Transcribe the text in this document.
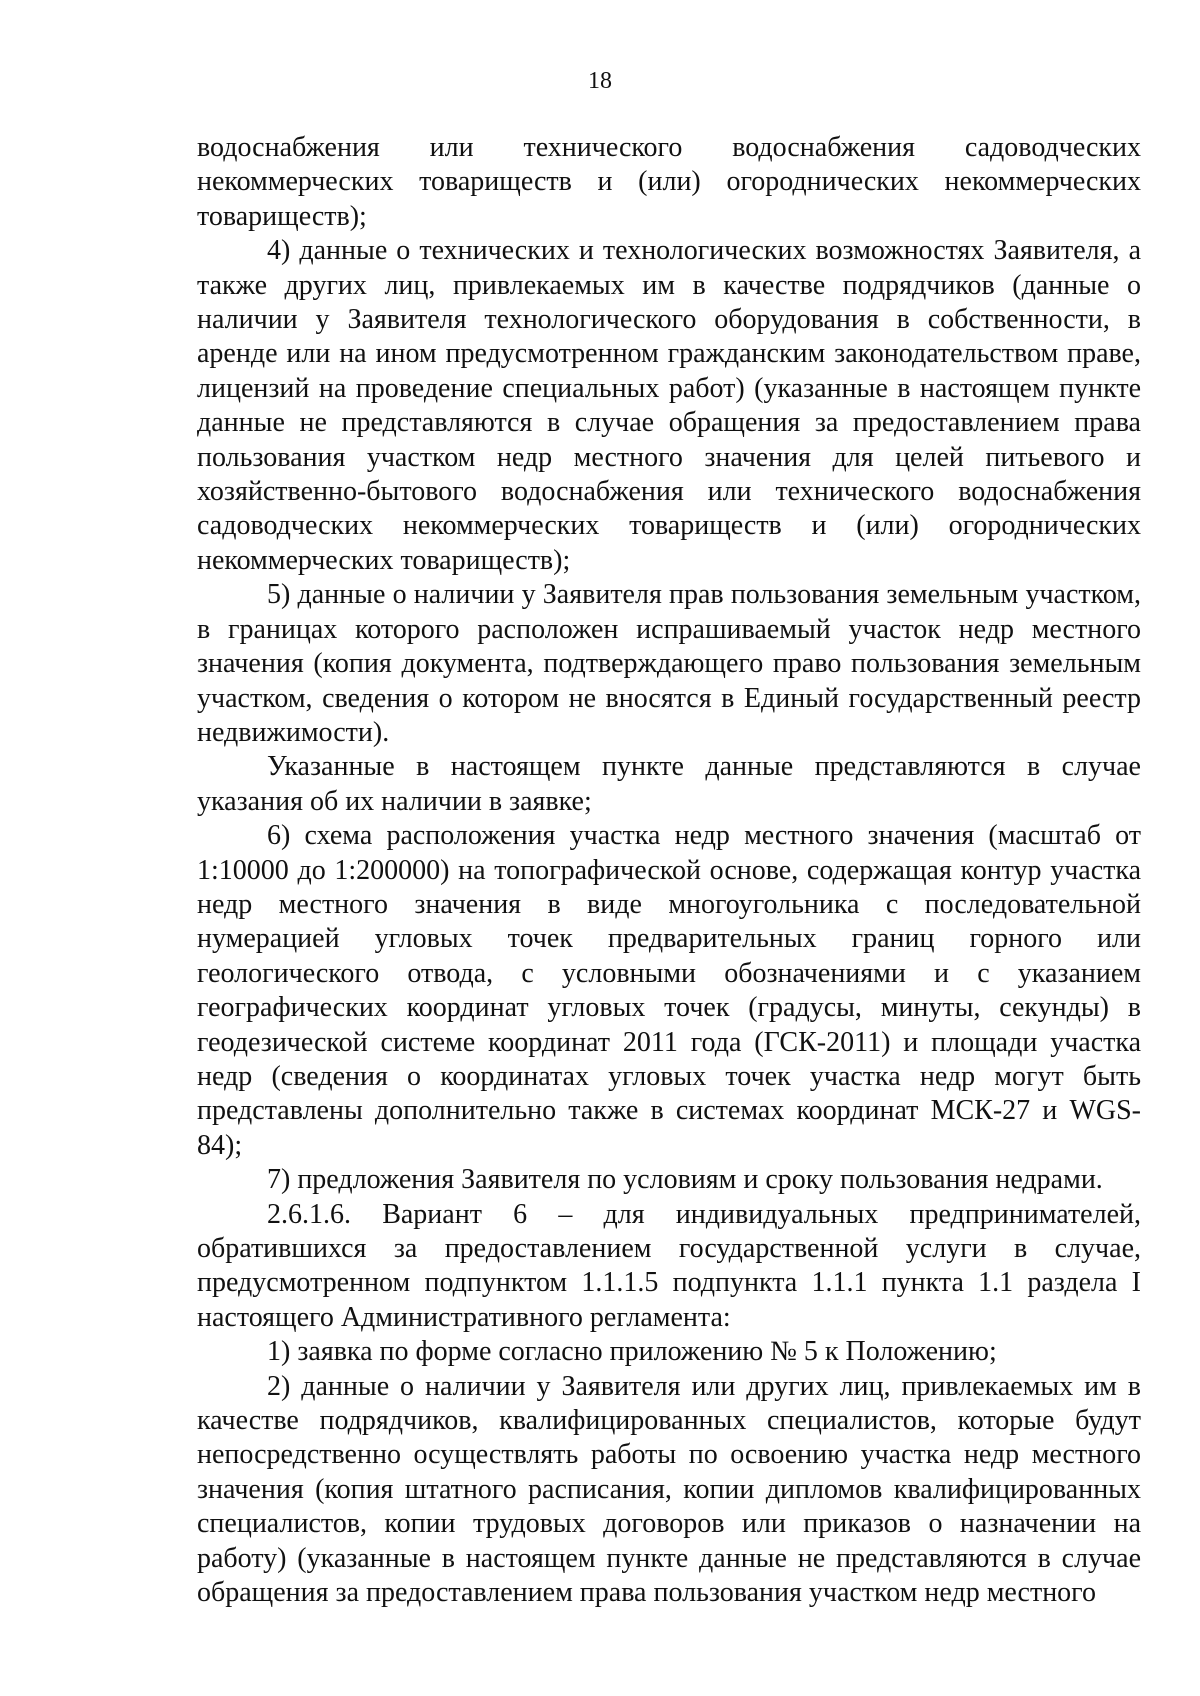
18

водоснабжения или технического водоснабжения садоводческих некоммерческих товариществ и (или) огороднических некоммерческих товариществ);

4) данные о технических и технологических возможностях Заявителя, а также других лиц, привлекаемых им в качестве подрядчиков (данные о наличии у Заявителя технологического оборудования в собственности, в аренде или на ином предусмотренном гражданским законодательством праве, лицензий на проведение специальных работ) (указанные в настоящем пункте данные не представляются в случае обращения за предоставлением права пользования участком недр местного значения для целей питьевого и хозяйственно-бытового водоснабжения или технического водоснабжения садоводческих некоммерческих товариществ и (или) огороднических некоммерческих товариществ);

5) данные о наличии у Заявителя прав пользования земельным участком, в границах которого расположен испрашиваемый участок недр местного значения (копия документа, подтверждающего право пользования земельным участком, сведения о котором не вносятся в Единый государственный реестр недвижимости).

Указанные в настоящем пункте данные представляются в случае указания об их наличии в заявке;

6) схема расположения участка недр местного значения (масштаб от 1:10000 до 1:200000) на топографической основе, содержащая контур участка недр местного значения в виде многоугольника с последовательной нумерацией угловых точек предварительных границ горного или геологического отвода, с условными обозначениями и с указанием географических координат угловых точек (градусы, минуты, секунды) в геодезической системе координат 2011 года (ГСК-2011) и площади участка недр (сведения о координатах угловых точек участка недр могут быть представлены дополнительно также в системах координат МСК-27 и WGS-84);

7) предложения Заявителя по условиям и сроку пользования недрами.

2.6.1.6. Вариант 6 – для индивидуальных предпринимателей, обратившихся за предоставлением государственной услуги в случае, предусмотренном подпунктом 1.1.1.5 подпункта 1.1.1 пункта 1.1 раздела I настоящего Административного регламента:

1) заявка по форме согласно приложению № 5 к Положению;

2) данные о наличии у Заявителя или других лиц, привлекаемых им в качестве подрядчиков, квалифицированных специалистов, которые будут непосредственно осуществлять работы по освоению участка недр местного значения (копия штатного расписания, копии дипломов квалифицированных специалистов, копии трудовых договоров или приказов о назначении на работу) (указанные в настоящем пункте данные не представляются в случае обращения за предоставлением права пользования участком недр местного
